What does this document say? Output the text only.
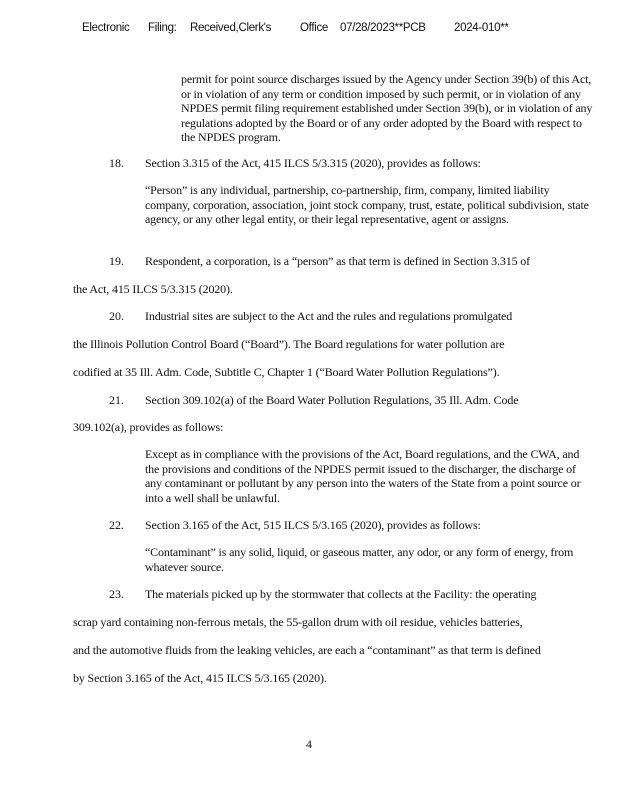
Electronic Filing: Received,Clerk's	Office 07/28/2023**PCB 2024-010**
permit for point source discharges issued by the Agency under Section 39(b) of this Act, or in violation of any term or condition imposed by such permit, or in violation of any NPDES permit filing requirement established under Section 39(b), or in violation of any regulations adopted by the Board or of any order adopted by the Board with respect to the NPDES program.
18. Section 3.315 of the Act, 415 ILCS 5/3.315 (2020), provides as follows:
“Person” is any individual, partnership, co-partnership, firm, company, limited liability company, corporation, association, joint stock company, trust, estate, political subdivision, state agency, or any other legal entity, or their legal representative, agent or assigns.
19. Respondent, a corporation, is a “person” as that term is defined in Section 3.315 of
the Act, 415 ILCS 5/3.315 (2020).
20. Industrial sites are subject to the Act and the rules and regulations promulgated
the Illinois Pollution Control Board (“Board”). The Board regulations for water pollution are
codified at 35 Ill. Adm. Code, Subtitle C, Chapter 1 (“Board Water Pollution Regulations”).
21. Section 309.102(a) of the Board Water Pollution Regulations, 35 Ill. Adm. Code
309.102(a), provides as follows:
Except as in compliance with the provisions of the Act, Board regulations, and the CWA, and the provisions and conditions of the NPDES permit issued to the discharger, the discharge of any contaminant or pollutant by any person into the waters of the State from a point source or into a well shall be unlawful.
22. Section 3.165 of the Act, 515 ILCS 5/3.165 (2020), provides as follows:
“Contaminant” is any solid, liquid, or gaseous matter, any odor, or any form of energy, from whatever source.
23. The materials picked up by the stormwater that collects at the Facility: the operating
scrap yard containing non-ferrous metals, the 55-gallon drum with oil residue, vehicles batteries,
and the automotive fluids from the leaking vehicles, are each a “contaminant” as that term is defined
by Section 3.165 of the Act, 415 ILCS 5/3.165 (2020).
4
